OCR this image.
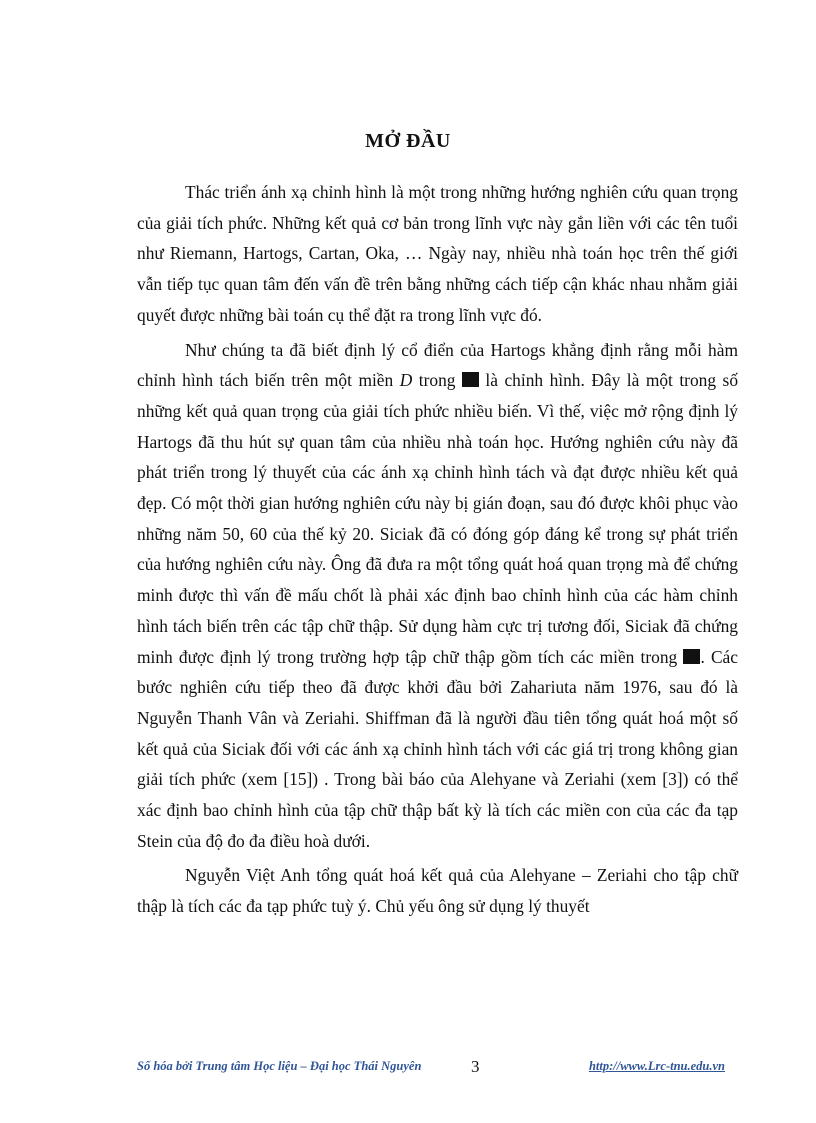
MỞ ĐẦU

Thác triển ánh xạ chỉnh hình là một trong những hướng nghiên cứu quan trọng của giải tích phức. Những kết quả cơ bản trong lĩnh vực này gắn liền với các tên tuổi như Riemann, Hartogs, Cartan, Oka, … Ngày nay, nhiều nhà toán học trên thế giới vẫn tiếp tục quan tâm đến vấn đề trên bằng những cách tiếp cận khác nhau nhằm giải quyết được những bài toán cụ thể đặt ra trong lĩnh vực đó.

Như chúng ta đã biết định lý cổ điển của Hartogs khẳng định rằng mỗi hàm chỉnh hình tách biến trên một miền D trong  là chỉnh hình. Đây là một trong số những kết quả quan trọng của giải tích phức nhiều biến. Vì thế, việc mở rộng định lý Hartogs đã thu hút sự quan tâm của nhiều nhà toán học. Hướng nghiên cứu này đã phát triển trong lý thuyết của các ánh xạ chỉnh hình tách và đạt được nhiều kết quả đẹp. Có một thời gian hướng nghiên cứu này bị gián đoạn, sau đó được khôi phục vào những năm 50, 60 của thế kỷ 20. Siciak đã có đóng góp đáng kể trong sự phát triển của hướng nghiên cứu này. Ông đã đưa ra một tổng quát hoá quan trọng mà để chứng minh được thì vấn đề mấu chốt là phải xác định bao chỉnh hình của các hàm chỉnh hình tách biến trên các tập chữ thập. Sử dụng hàm cực trị tương đối, Siciak đã chứng minh được định lý trong trường hợp tập chữ thập gồm tích các miền trong . Các bước nghiên cứu tiếp theo đã được khởi đầu bởi Zahariuta năm 1976, sau đó là Nguyễn Thanh Vân và Zeriahi. Shiffman đã là người đầu tiên tổng quát hoá một số kết quả của Siciak đối với các ánh xạ chỉnh hình tách với các giá trị trong không gian giải tích phức (xem [15]) . Trong bài báo của Alehyane và Zeriahi (xem [3]) có thể xác định bao chỉnh hình của tập chữ thập bất kỳ là tích các miền con của các đa tạp Stein của độ đo đa điều hoà dưới.

Nguyễn Việt Anh tổng quát hoá kết quả của Alehyane – Zeriahi cho tập chữ thập là tích các đa tạp phức tuỳ ý. Chủ yếu ông sử dụng lý thuyết

Số hóa bởi Trung tâm Học liệu – Đại học Thái Nguyên	3	http://www.Lrc-tnu.edu.vn
